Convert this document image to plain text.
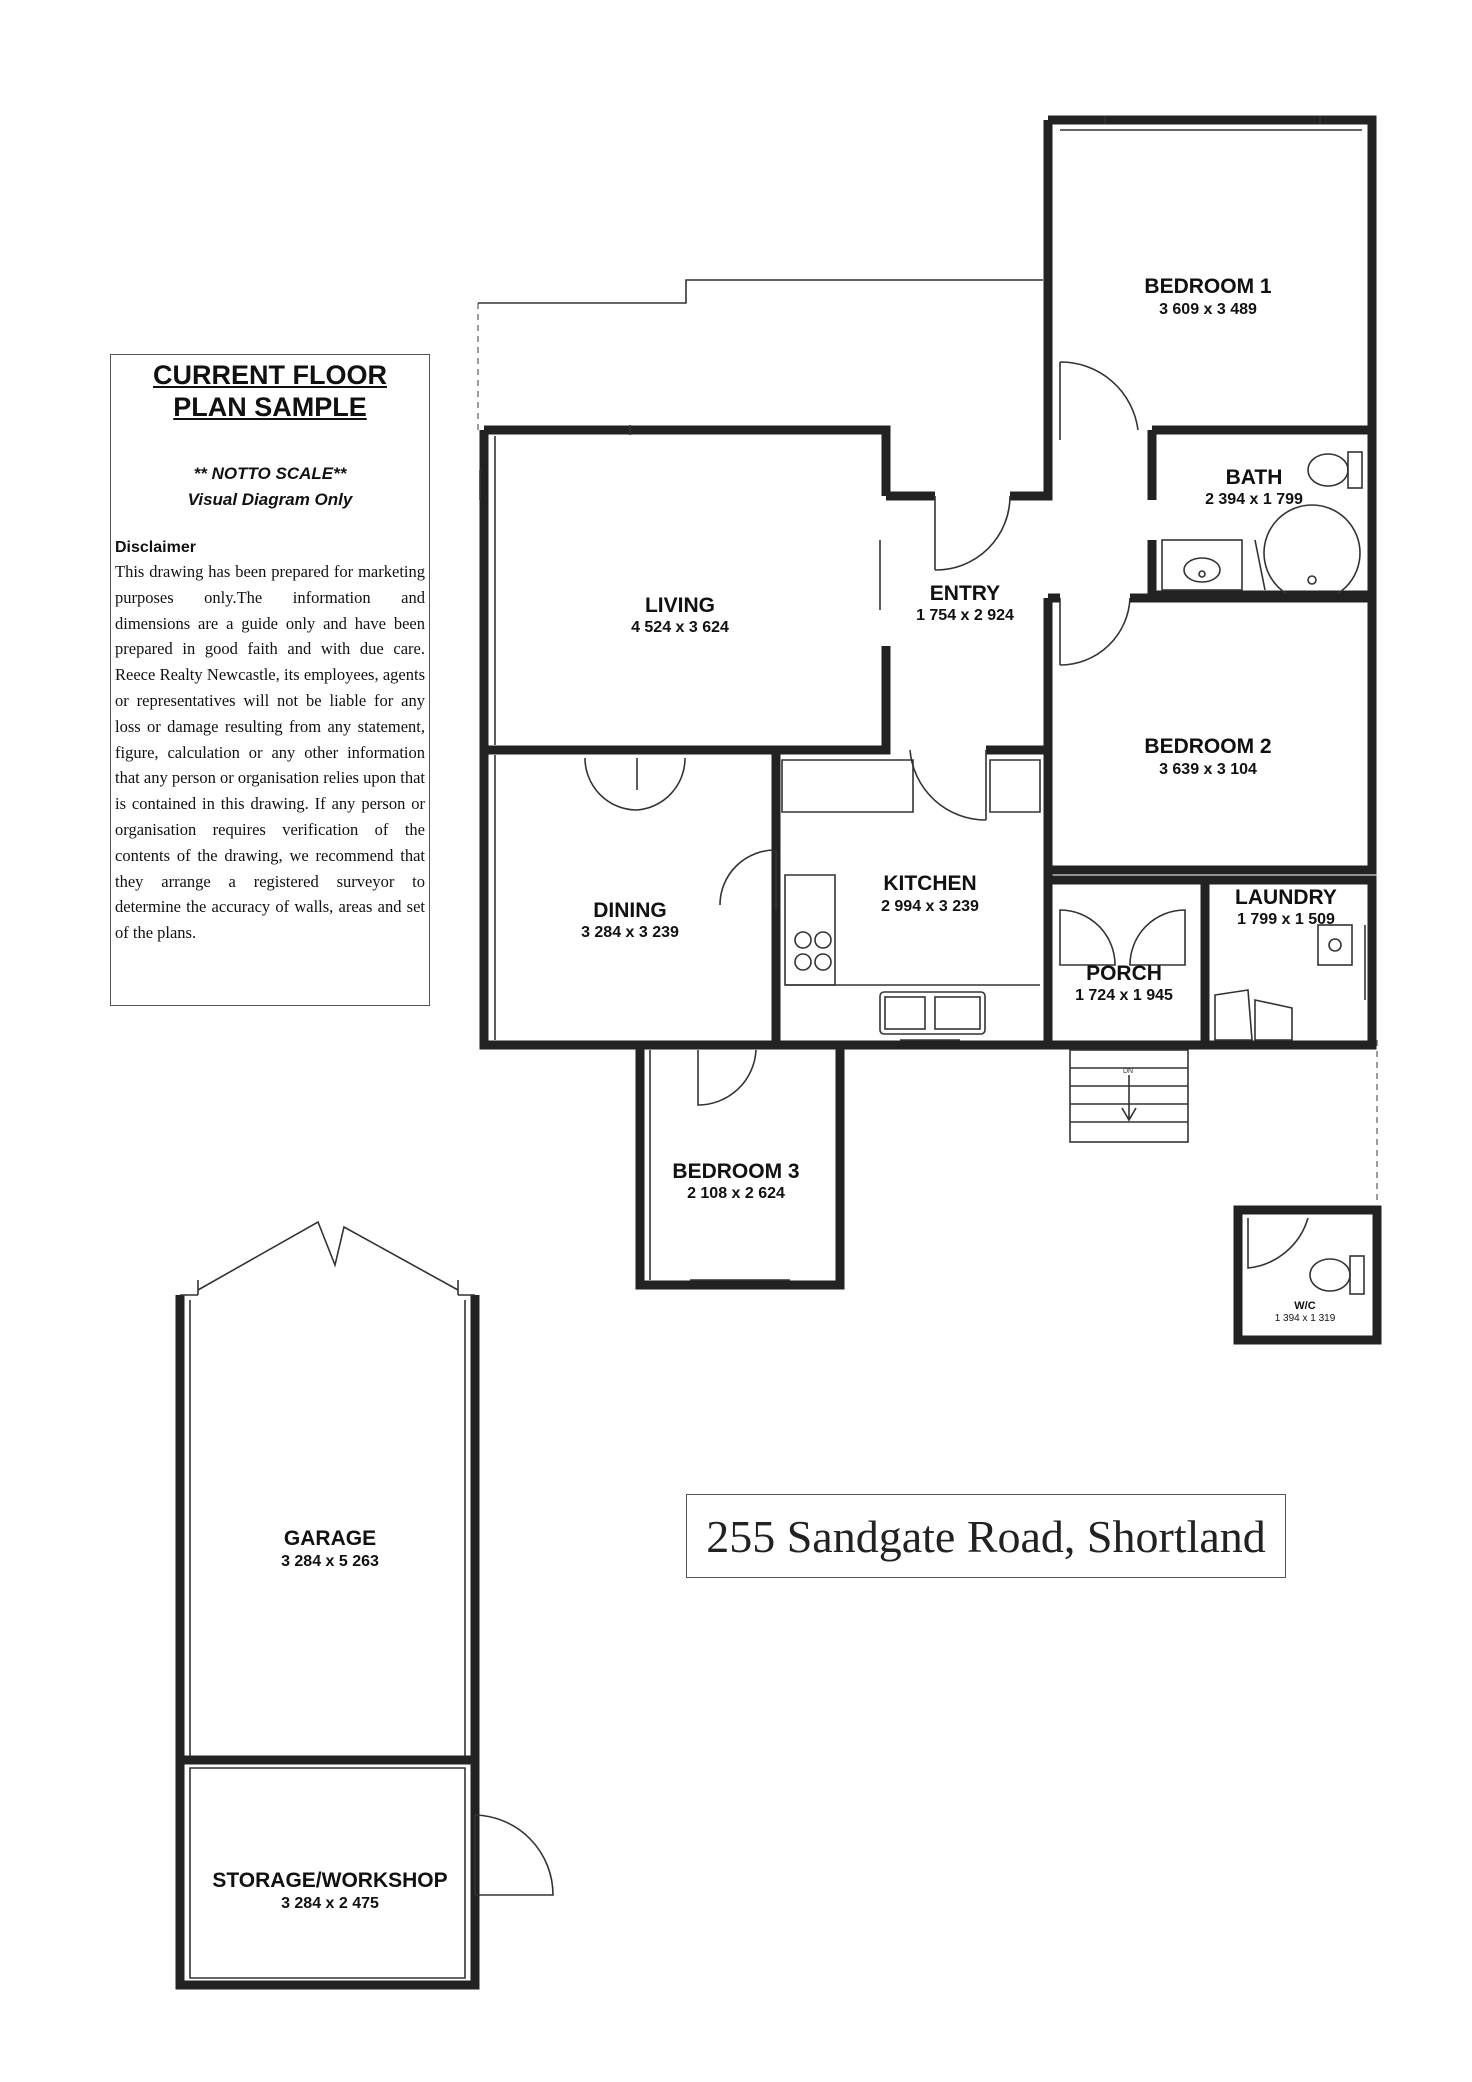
DN
BEDROOM 1
3 609 x 3 489
BATH
2 394 x 1 799
LIVING
4 524 x 3 624
ENTRY
1 754 x 2 924
BEDROOM 2
3 639 x 3 104
DINING
3 284 x 3 239
KITCHEN
2 994 x 3 239	LAUNDRY
1 799 x 1 509
PORCH
1 724 x 1 945
BEDROOM 3
2 108 x 2 624
W/C
1 394 x 1 319
GARAGE
3 284 x 5 263
STORAGE/WORKSHOP
3 284 x 2 475
CURRENT FLOOR
PLAN SAMPLE
** NOTTO SCALE**
Visual Diagram Only
Disclaimer
This drawing has been prepared for marketing purposes only.The information and dimensions are a guide only and have been prepared in good faith and with due care. Reece Realty Newcastle, its employees, agents or representatives will not be liable for any loss or damage resulting from any statement, figure, calculation or any other information that any person or organisation relies upon that is contained in this drawing. If any person or organisation requires verification of the contents of the drawing, we recommend that they arrange a registered surveyor to determine the accuracy of walls, areas and set of the plans.
255 Sandgate Road, Shortland
